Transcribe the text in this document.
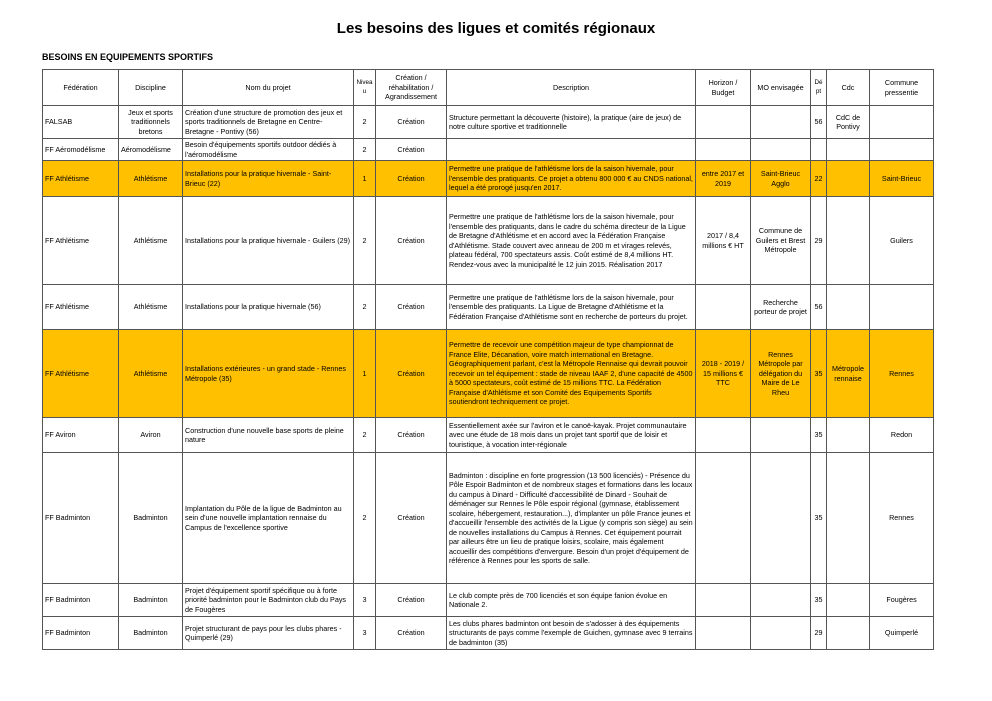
Les besoins des ligues et comités régionaux
BESOINS EN EQUIPEMENTS SPORTIFS
Fédération	Discipline	Nom du projet	Niveau	Création / réhabilitation / Agrandissement	Description	Horizon / Budget	MO envisagée	Dépt	Cdc	Commune pressentie
FALSAB	Jeux et sports traditionnels bretons	Création d'une structure de promotion des jeux et sports traditionnels de Bretagne en Centre-Bretagne - Pontivy (56)	2	Création	Structure permettant la découverte (histoire), la pratique (aire de jeux) de notre culture sportive et traditionnelle			56	CdC de Pontivy	
FF Aéromodélisme	Aéromodélisme	Besoin d'équipements sportifs outdoor dédiés à l'aéromodélisme	2	Création						
FF Athlétisme	Athlétisme	Installations pour la pratique hivernale - Saint-Brieuc (22)	1	Création	Permettre une pratique de l'athlétisme lors de la saison hivernale, pour l'ensemble des pratiquants. Ce projet a obtenu 800 000 € au CNDS national, lequel a été prorogé jusqu'en 2017.	entre 2017 et 2019	Saint-Brieuc Agglo	22		Saint-Brieuc
FF Athlétisme	Athlétisme	Installations pour la pratique hivernale - Guilers (29)	2	Création	Permettre une pratique de l'athlétisme lors de la saison hivernale, pour l'ensemble des pratiquants, dans le cadre du schéma directeur de la Ligue de Bretagne d'Athlétisme et en accord avec la Fédération Française d'Athlétisme. Stade couvert avec anneau de 200 m et virages relevés, plateau fédéral, 700 spectateurs assis. Coût estimé de 8,4 millions HT. Rendez-vous avec la municipalité le 12 juin 2015. Réalisation 2017	2017 / 8,4 millions € HT	Commune de Guilers et Brest Métropole	29		Guilers
FF Athlétisme	Athlétisme	Installations pour la pratique hivernale (56)	2	Création	Permettre une pratique de l'athlétisme lors de la saison hivernale, pour l'ensemble des pratiquants. La Ligue de Bretagne d'Athlétisme et la Fédération Française d'Athlétisme sont en recherche de porteurs du projet.		Recherche porteur de projet	56		
FF Athlétisme	Athlétisme	Installations extérieures - un grand stade - Rennes Métropole (35)	1	Création	Permettre de recevoir une compétition majeur de type championnat de France Elite, Décanation, voire match international en Bretagne. Géographiquement parlant, c'est la Métropole Rennaise qui devrait pouvoir recevoir un tel équipement : stade de niveau IAAF 2, d'une capacité de 4500 à 5000 spectateurs, coût estimé de 15 millions TTC. La Fédération Française d'Athlétisme et son Comité des Equipements Sportifs soutiendront techniquement ce projet.	2018 - 2019 / 15 millions € TTC	Rennes Métropole par délégation du Maire de Le Rheu	35	Métropole rennaise	Rennes
FF Aviron	Aviron	Construction d'une nouvelle base sports de pleine nature	2	Création	Essentiellement axée sur l'aviron et le canoë-kayak. Projet communautaire avec une étude de 18 mois dans un projet tant sportif que de loisir et touristique, à vocation inter-régionale			35		Redon
FF Badminton	Badminton	Implantation du Pôle de la ligue de Badminton au sein d'une nouvelle implantation rennaise du Campus de l'excellence sportive	2	Création	Badminton : discipline en forte progression (13 500 licenciés) - Présence du Pôle Espoir Badminton et de nombreux stages et formations dans les locaux du campus à Dinard - Difficulté d'accessibilité de Dinard - Souhait de déménager sur Rennes le Pôle espoir régional (gymnase, établissement scolaire, hébergement, restauration...), d'implanter un pôle France jeunes et d'accueillir l'ensemble des activités de la Ligue (y compris son siège) au sein de nouvelles installations du Campus à Rennes. Cet équipement pourrait par ailleurs être un lieu de pratique loisirs, scolaire, mais également accueillir des compétitions d'envergure. Besoin d'un projet d'équipement de référence à Rennes pour les sports de salle.			35		Rennes
FF Badminton	Badminton	Projet d'équipement sportif spécifique ou à forte priorité badminton pour le Badminton club du Pays de Fougères	3	Création	Le club compte près de 700 licenciés et son équipe fanion évolue en Nationale 2.			35		Fougères
FF Badminton	Badminton	Projet structurant de pays pour les clubs phares - Quimperlé (29)	3	Création	Les clubs phares badminton ont besoin de s'adosser à des équipements structurants de pays comme l'exemple de Guichen, gymnase avec 9 terrains de badminton (35)			29		Quimperlé
